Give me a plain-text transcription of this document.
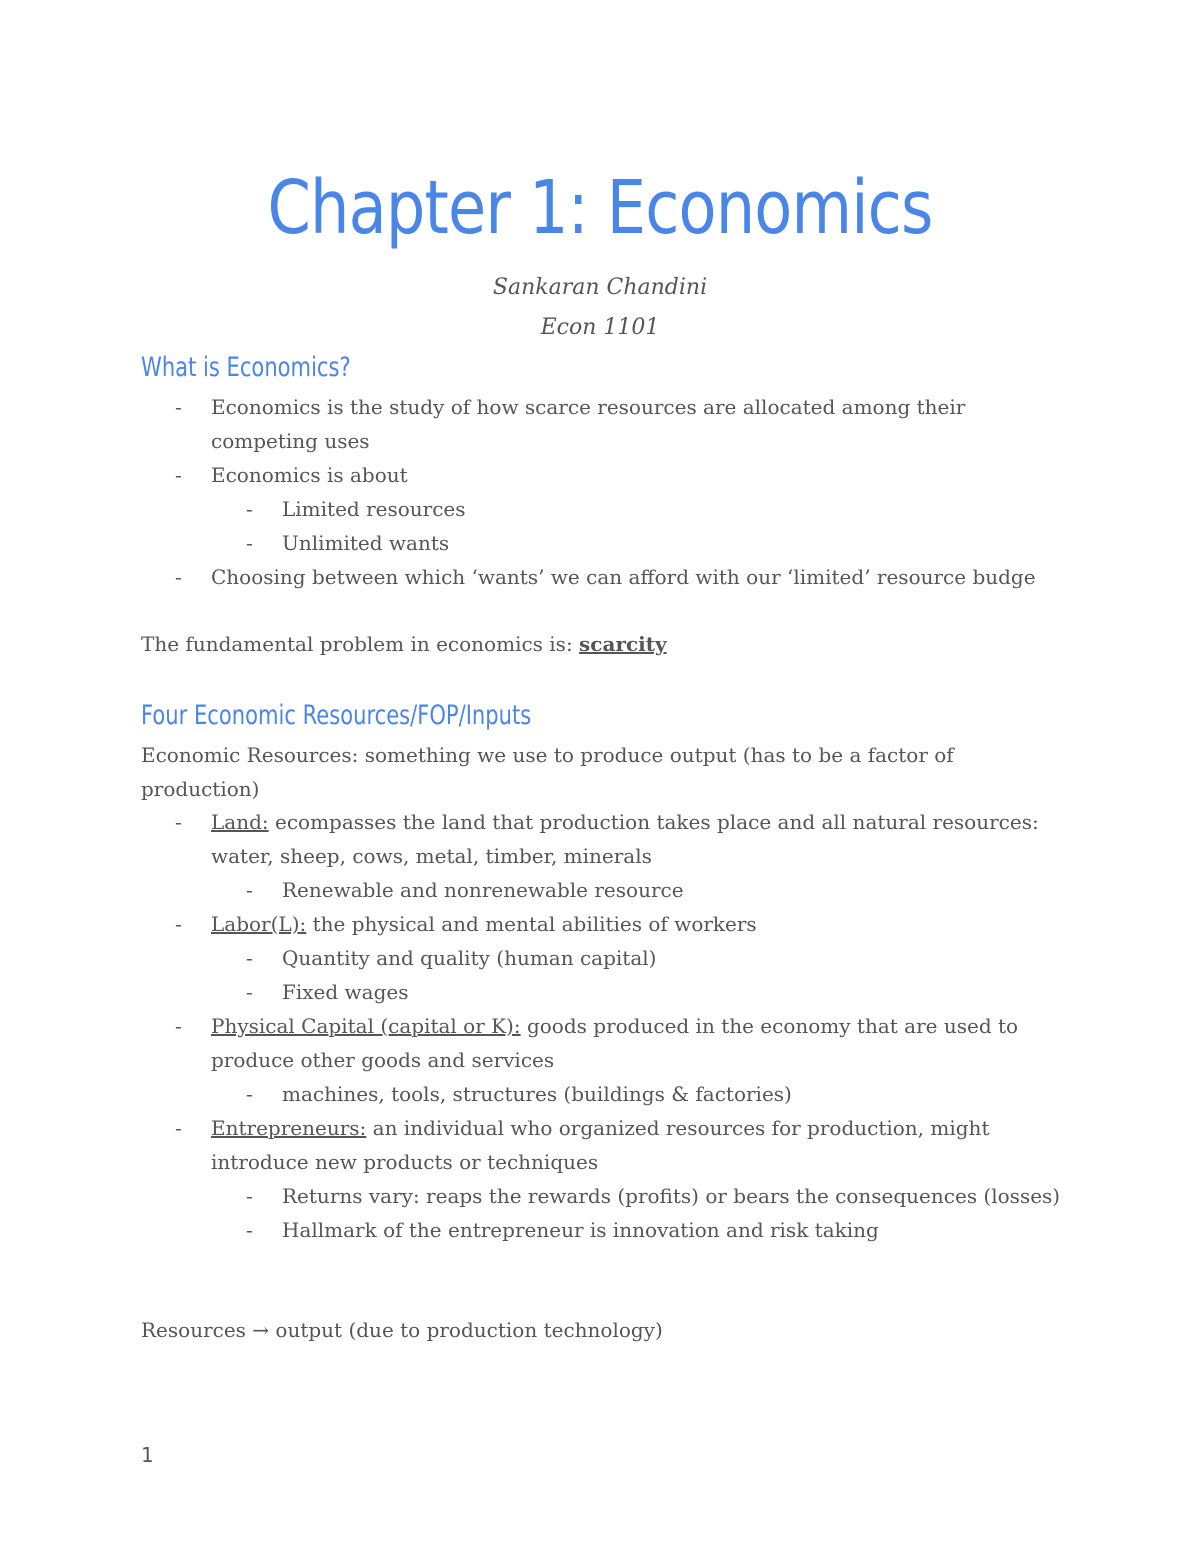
Chapter 1: Economics
Sankaran Chandini
Econ 1101
What is Economics?
- Economics is the study of how scarce resources are allocated among their competing uses
- Economics is about
- Limited resources
- Unlimited wants
- Choosing between which ‘wants’ we can afford with our ‘limited’ resource budge
The fundamental problem in economics is: scarcity
Four Economic Resources/FOP/Inputs
Economic Resources: something we use to produce output (has to be a factor of production)
- Land: ecompasses the land that production takes place and all natural resources: water, sheep, cows, metal, timber, minerals
- Renewable and nonrenewable resource
- Labor(L): the physical and mental abilities of workers
- Quantity and quality (human capital)
- Fixed wages
- Physical Capital (capital or K): goods produced in the economy that are used to produce other goods and services
- machines, tools, structures (buildings & factories)
- Entrepreneurs: an individual who organized resources for production, might introduce new products or techniques
- Returns vary: reaps the rewards (profits) or bears the consequences (losses)
- Hallmark of the entrepreneur is innovation and risk taking
Resources → output (due to production technology)
1
